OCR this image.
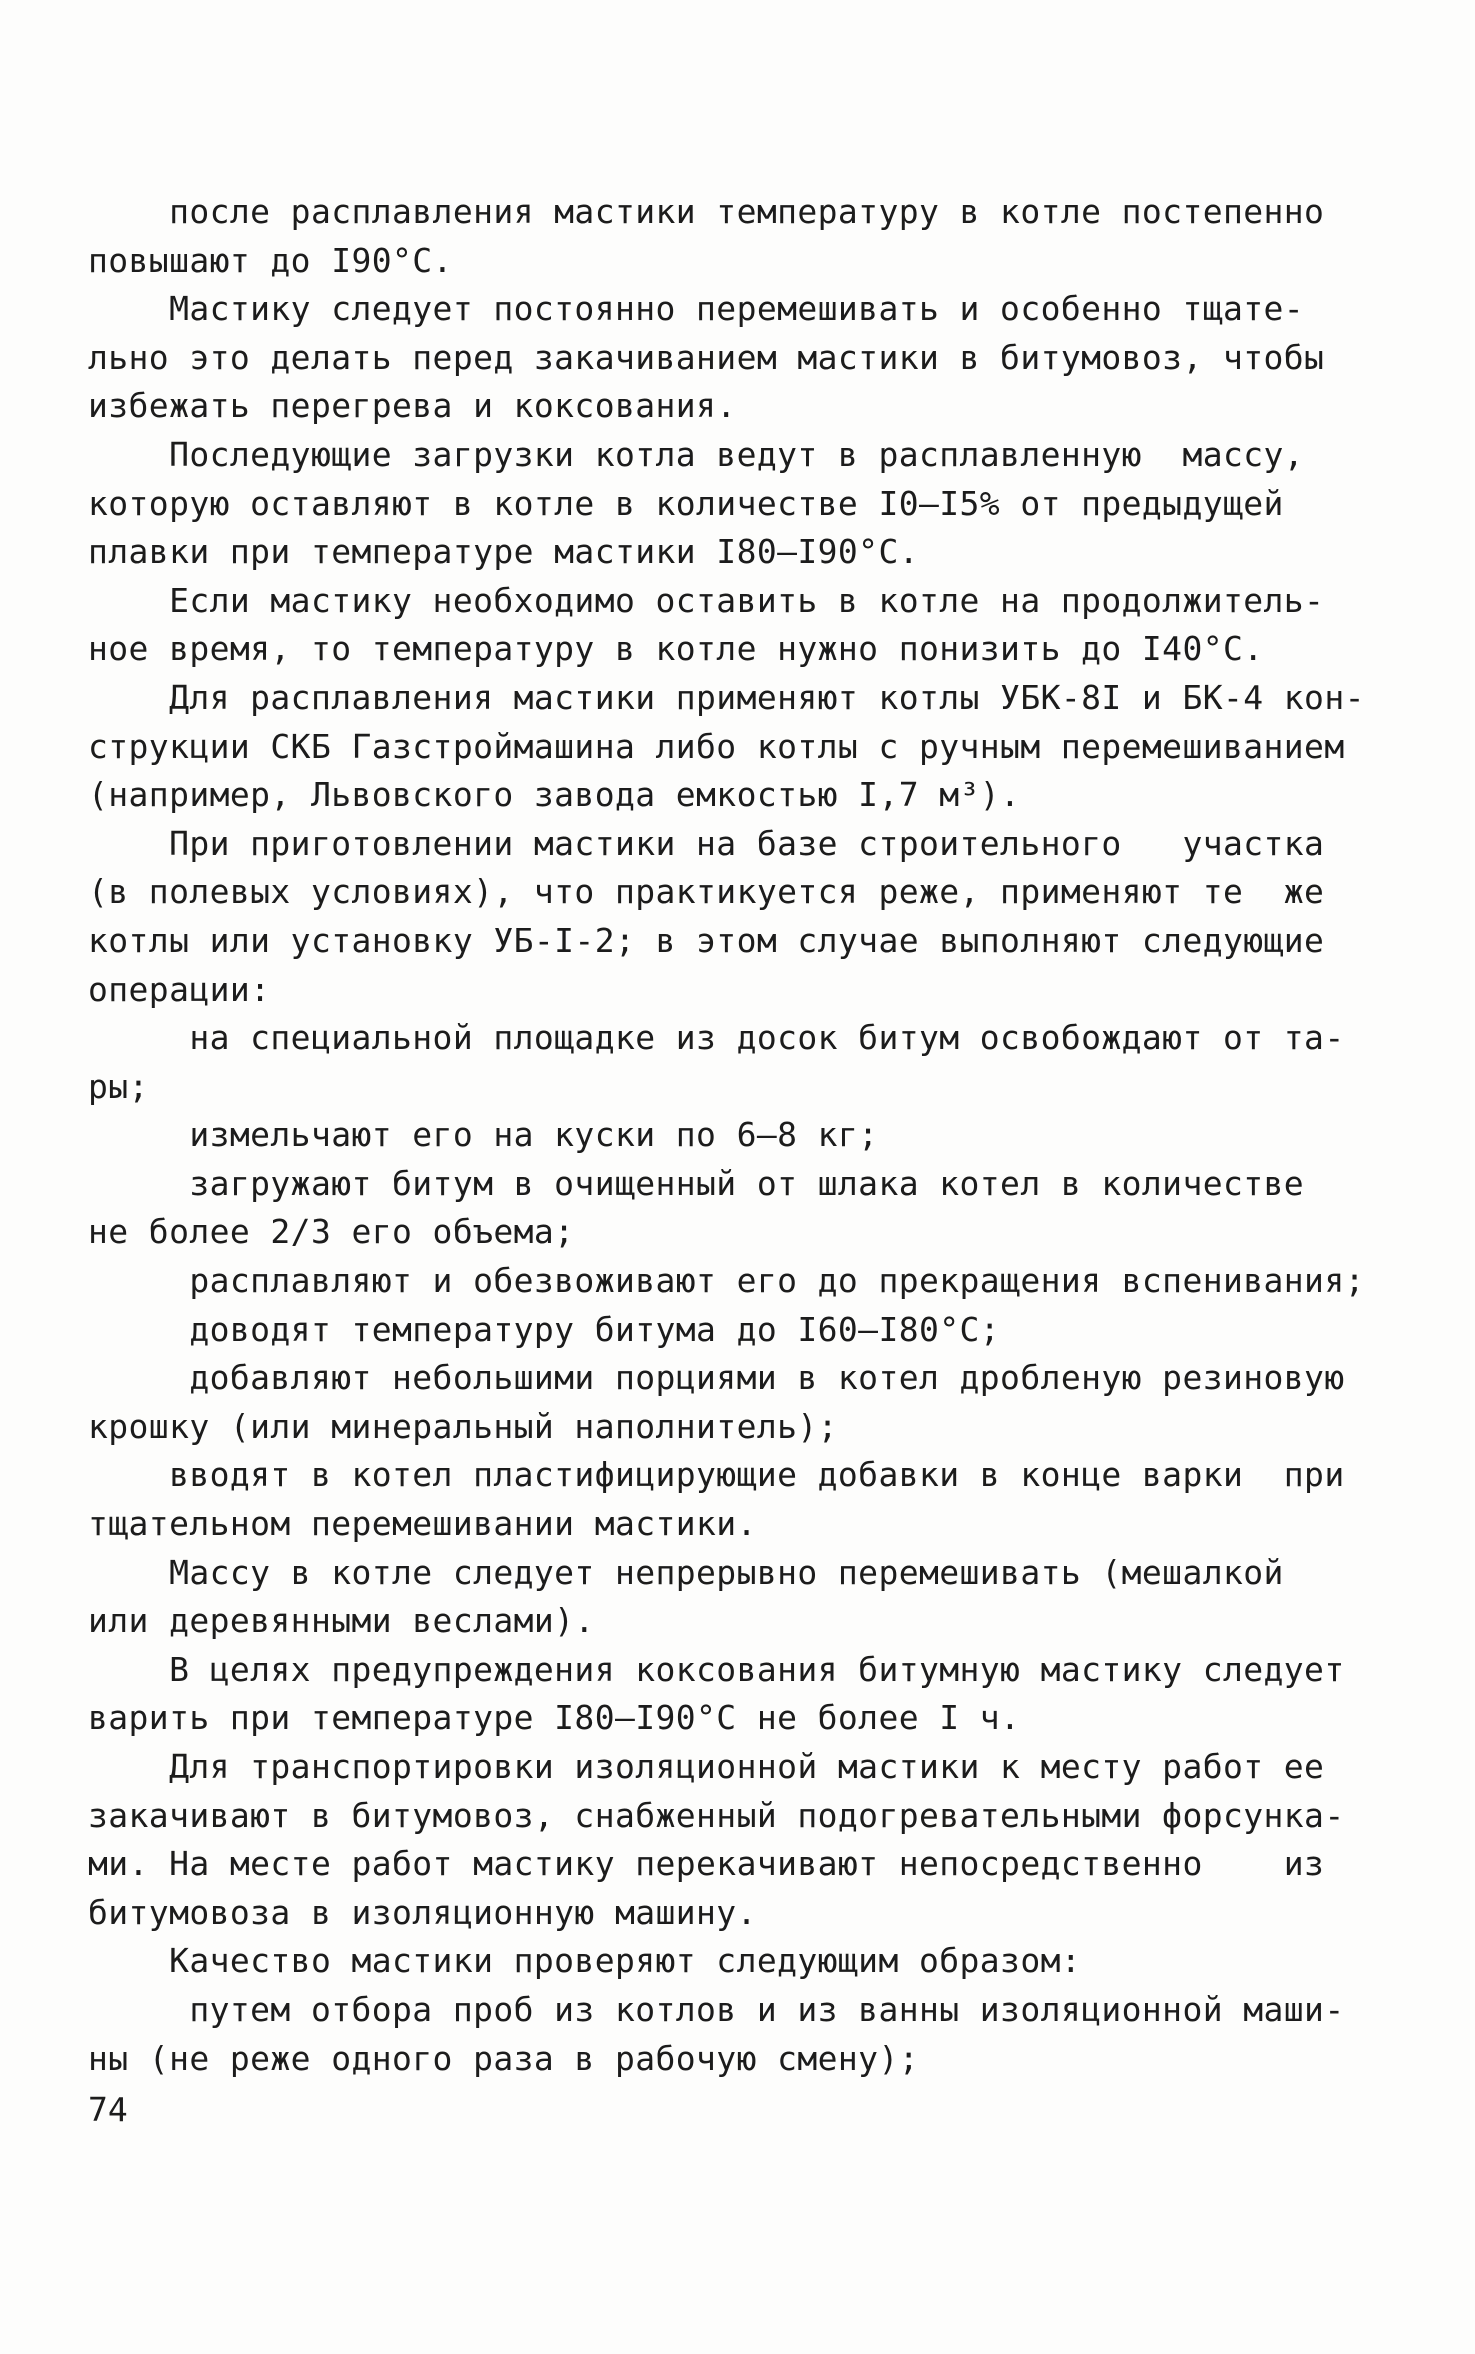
после расплавления мастики температуру в котле постепенно
повышают до I90°С.
Мастику следует постоянно перемешивать и особенно тщате-
льно это делать перед закачиванием мастики в битумовоз, чтобы
избежать перегрева и коксования.
Последующие загрузки котла ведут в расплавленную  массу,
которую оставляют в котле в количестве I0–I5% от предыдущей
плавки при температуре мастики I80–I90°С.
Если мастику необходимо оставить в котле на продолжитель-
ное время, то температуру в котле нужно понизить до I40°С.
Для расплавления мастики применяют котлы УБК-8I и БК-4 кон-
струкции СКБ Газстроймашина либо котлы с ручным перемешиванием
(например, Львовского завода емкостью I,7 м³).
При приготовлении мастики на базе строительного   участка
(в полевых условиях), что практикуется реже, применяют те  же
котлы или установку УБ-I-2; в этом случае выполняют следующие
операции:
на специальной площадке из досок битум освобождают от та-
ры;
измельчают его на куски по 6–8 кг;
загружают битум в очищенный от шлака котел в количестве
не более 2/3 его объема;
расплавляют и обезвоживают его до прекращения вспенивания;
доводят температуру битума до I60–I80°С;
добавляют небольшими порциями в котел дробленую резиновую
крошку (или минеральный наполнитель);
вводят в котел пластифицирующие добавки в конце варки  при
тщательном перемешивании мастики.
Массу в котле следует непрерывно перемешивать (мешалкой
или деревянными веслами).
В целях предупреждения коксования битумную мастику следует
варить при температуре I80–I90°С не более I ч.
Для транспортировки изоляционной мастики к месту работ ее
закачивают в битумовоз, снабженный подогревательными форсунка-
ми. На месте работ мастику перекачивают непосредственно    из
битумовоза в изоляционную машину.
Качество мастики проверяют следующим образом:
путем отбора проб из котлов и из ванны изоляционной маши-
ны (не реже одного раза в рабочую смену);
74
